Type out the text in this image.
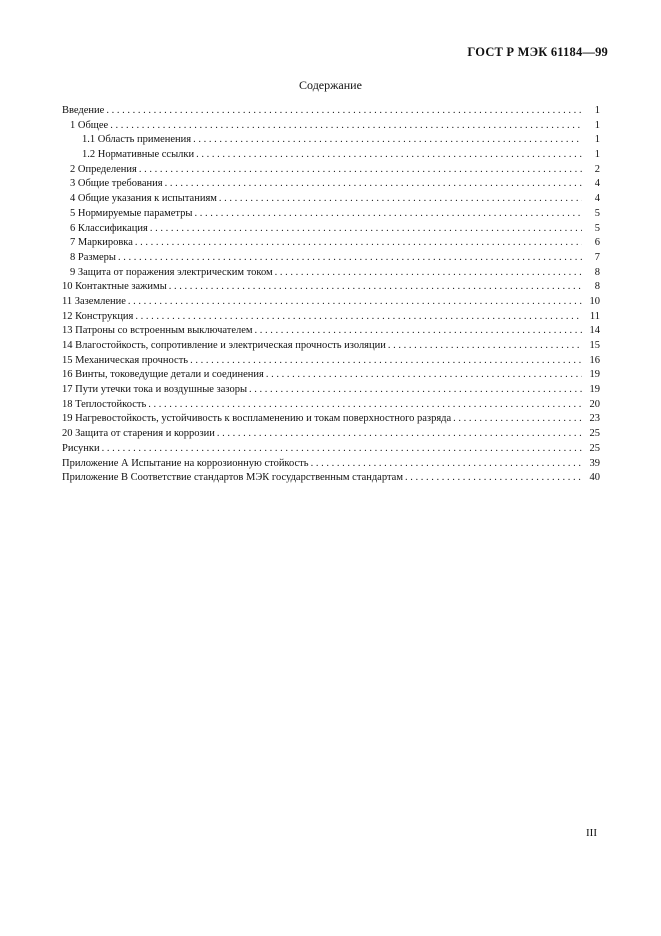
ГОСТ Р МЭК 61184—99
Содержание
Введение . . .	1
1 Общее . . .	1
1.1 Область применения . . .	1
1.2 Нормативные ссылки . . .	1
2 Определения . . .	2
3 Общие требования . . .	4
4 Общие указания к испытаниям . . .	4
5 Нормируемые параметры . . .	5
6 Классификация . . .	5
7 Маркировка . . .	6
8 Размеры . . .	7
9 Защита от поражения электрическим током . . .	8
10 Контактные зажимы . . .	8
11 Заземление . . .	10
12 Конструкция . . .	11
13 Патроны со встроенным выключателем . . .	14
14 Влагостойкость, сопротивление и электрическая прочность изоляции . . .	15
15 Механическая прочность . . .	16
16 Винты, токоведущие детали и соединения . . .	19
17 Пути утечки тока и воздушные зазоры . . .	19
18 Теплостойкость . . .	20
19 Нагревостойкость, устойчивость к воспламенению и токам поверхностного разряда . . .	23
20 Защита от старения и коррозии . . .	25
Рисунки . . .	25
Приложение А Испытание на коррозионную стойкость . . .	39
Приложение В Соответствие стандартов МЭК государственным стандартам . . .	40
III
